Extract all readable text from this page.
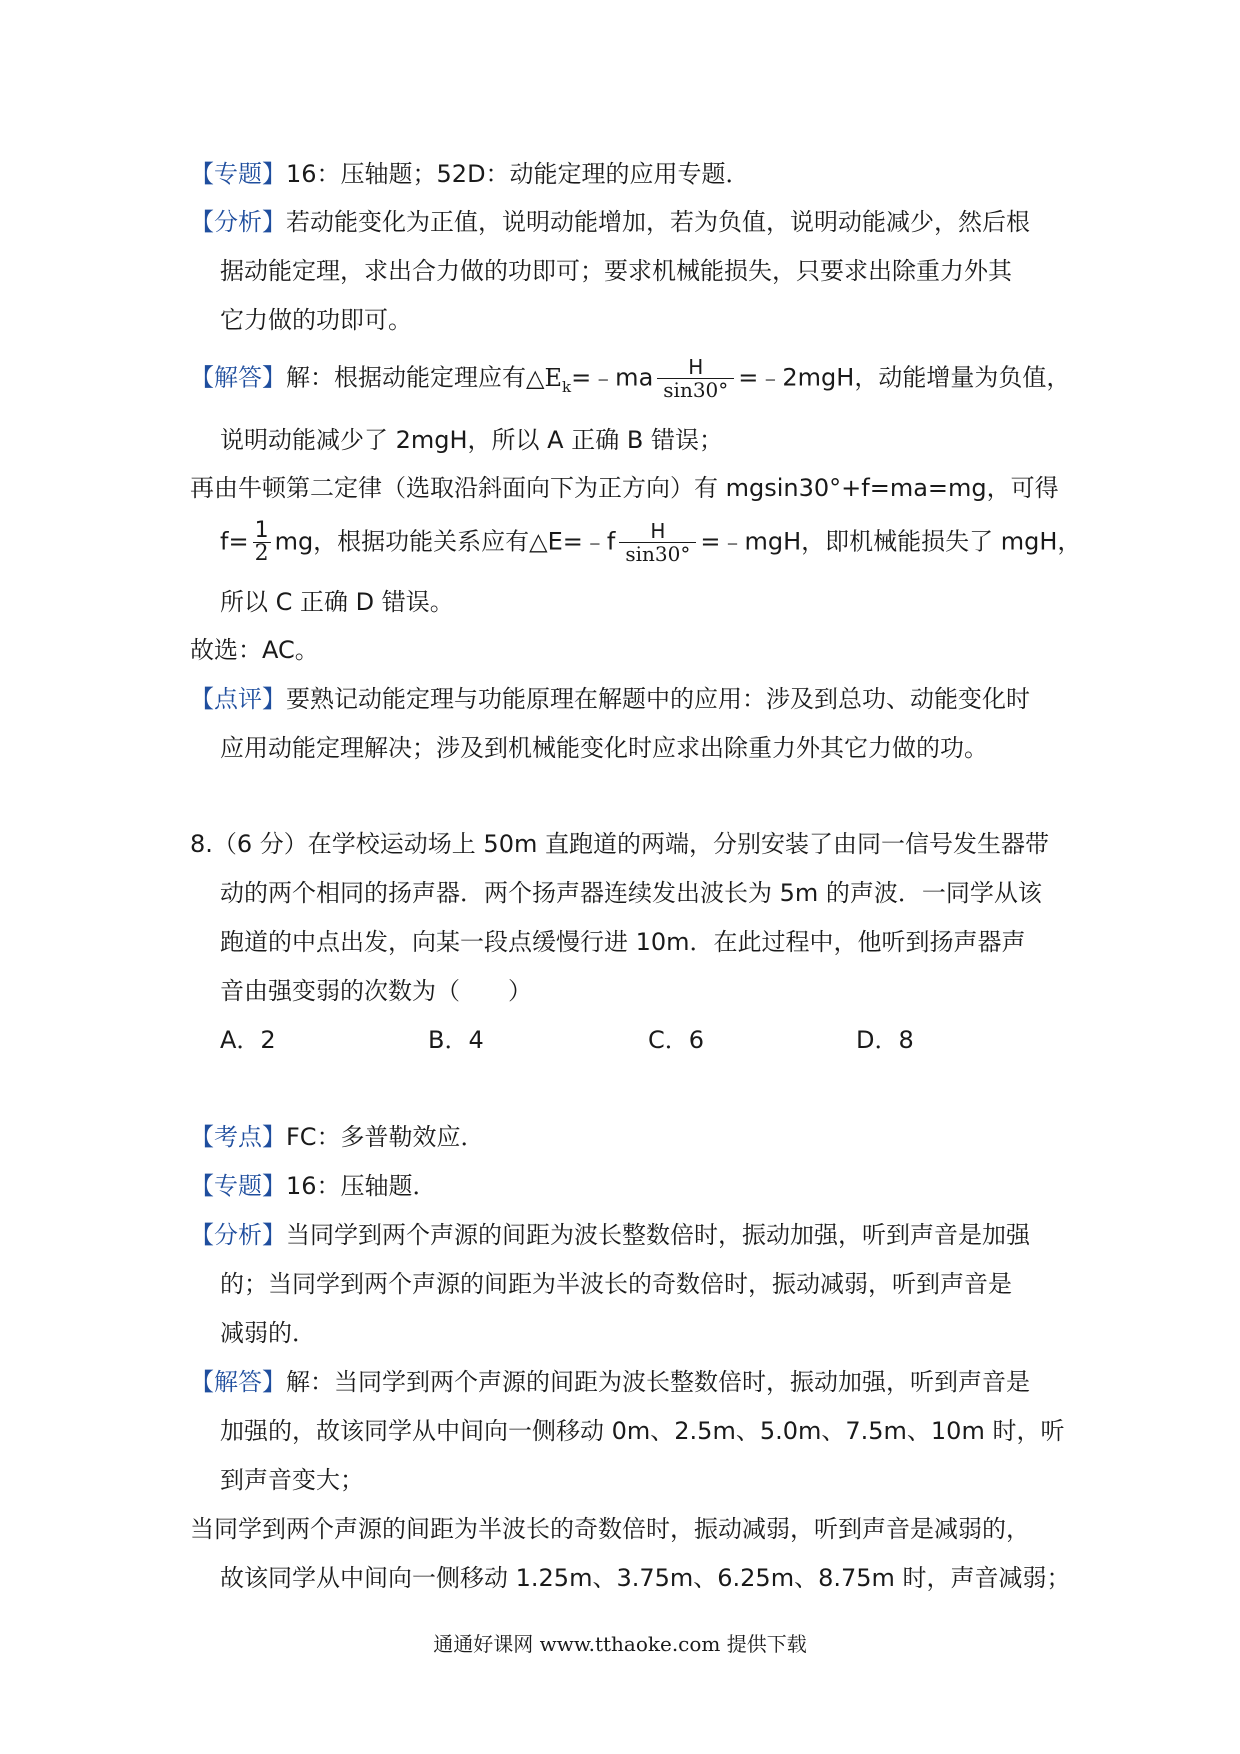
【专题】16：压轴题；52D：动能定理的应用专题．
【分析】若动能变化为正值，说明动能增加，若为负值，说明动能减少，然后根
据动能定理，求出合力做的功即可；要求机械能损失，只要求出除重力外其
它力做的功即可。
【解答】解：根据动能定理应有$\triangle E_k=﹣ma \frac{H}{\sin 30^\circ}$ =﹣2mgH，动能增量为负值，
说明动能减少了 2mgH，所以 A 正确 B 错误；
再由牛顿第二定律（选取沿斜面向下为正方向）有 mgsin30°+f=ma=mg，可得
$f= \frac{1}{2}$ mg，根据功能关系应有△E=﹣f $\frac{H}{\sin 30^\circ}$ =﹣mgH，即机械能损失了 mgH，
所以 C 正确 D 错误。
故选：AC。
【点评】要熟记动能定理与功能原理在解题中的应用：涉及到总功、动能变化时
应用动能定理解决；涉及到机械能变化时应求出除重力外其它力做的功。
8.（6 分）在学校运动场上 50m 直跑道的两端，分别安装了由同一信号发生器带
动的两个相同的扬声器．两个扬声器连续发出波长为 5m 的声波．一同学从该
跑道的中点出发，向某一段点缓慢行进 10m．在此过程中，他听到扬声器声
音由强变弱的次数为（　　）
A．2	B．4	C．6	D．8
【考点】FC：多普勒效应．
【专题】16：压轴题．
【分析】当同学到两个声源的间距为波长整数倍时，振动加强，听到声音是加强
的；当同学到两个声源的间距为半波长的奇数倍时，振动减弱，听到声音是
减弱的．
【解答】解：当同学到两个声源的间距为波长整数倍时，振动加强，听到声音是
加强的，故该同学从中间向一侧移动 0m、2.5m、5.0m、7.5m、10m 时，听
到声音变大；
当同学到两个声源的间距为半波长的奇数倍时，振动减弱，听到声音是减弱的，
故该同学从中间向一侧移动 1.25m、3.75m、6.25m、8.75m 时，声音减弱；
通通好课网 www.tthaoke.com 提供下载
